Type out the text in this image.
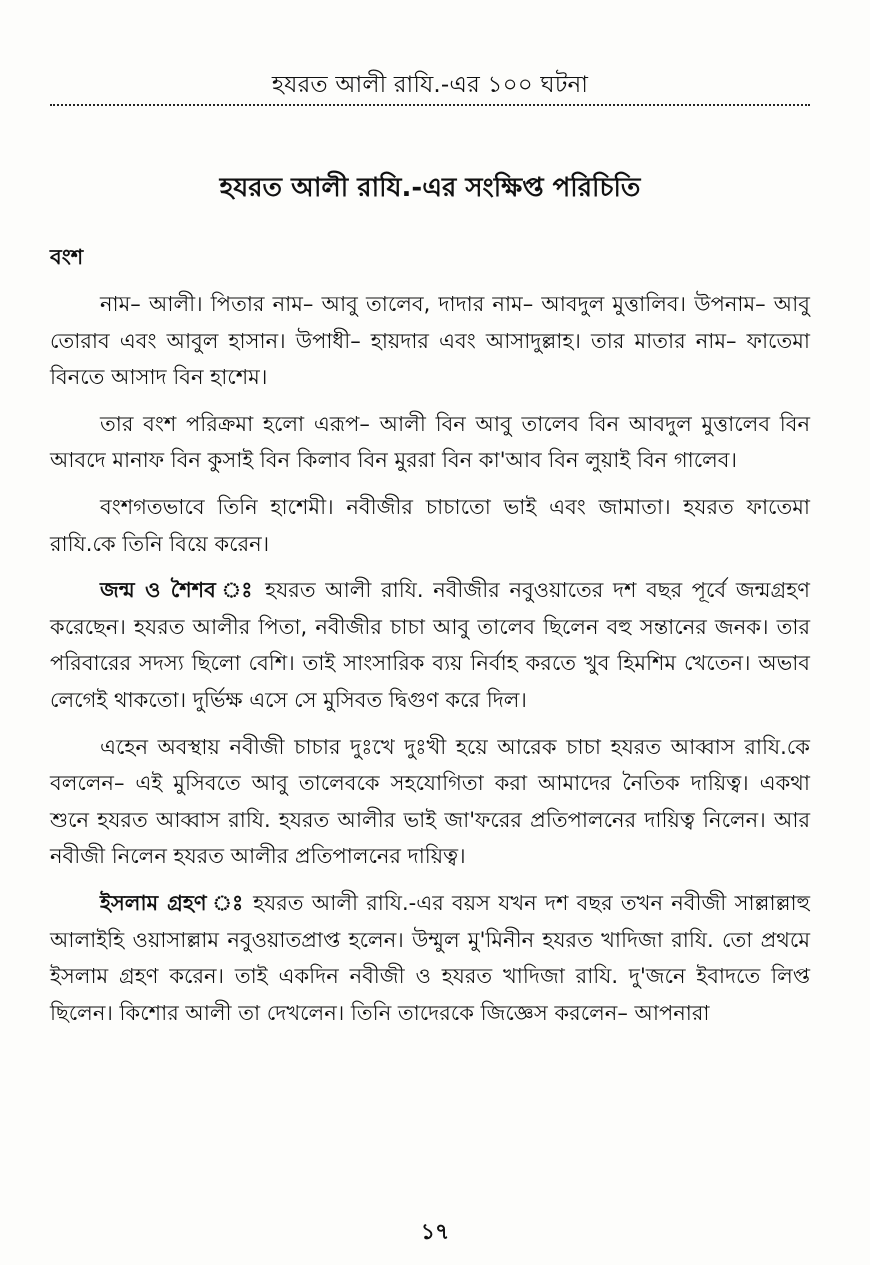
হযরত আলী রাযি.-এর ১০০ ঘটনা
হযরত আলী রাযি.-এর সংক্ষিপ্ত পরিচিতি
বংশ

নাম– আলী। পিতার নাম– আবু তালেব, দাদার নাম– আবদুল মুত্তালিব। উপনাম– আবু তোরাব এবং আবুল হাসান। উপাধী– হায়দার এবং আসাদুল্লাহ। তার মাতার নাম– ফাতেমা বিনতে আসাদ বিন হাশেম।

তার বংশ পরিক্রমা হলো এরূপ– আলী বিন আবু তালেব বিন আবদুল মুত্তালেব বিন আবদে মানাফ বিন কুসাই বিন কিলাব বিন মুররা বিন কা'আব বিন লুয়াই বিন গালেব।

বংশগতভাবে তিনি হাশেমী। নবীজীর চাচাতো ভাই এবং জামাতা। হযরত ফাতেমা রাযি.কে তিনি বিয়ে করেন।

জন্ম ও শৈশব ঃ হযরত আলী রাযি. নবীজীর নবুওয়াতের দশ বছর পূর্বে জন্মগ্রহণ করেছেন। হযরত আলীর পিতা, নবীজীর চাচা আবু তালেব ছিলেন বহু সন্তানের জনক। তার পরিবারের সদস্য ছিলো বেশি। তাই সাংসারিক ব্যয় নির্বাহ করতে খুব হিমশিম খেতেন। অভাব লেগেই থাকতো। দুর্ভিক্ষ এসে সে মুসিবত দ্বিগুণ করে দিল।

এহেন অবস্থায় নবীজী চাচার দুঃখে দুঃখী হয়ে আরেক চাচা হযরত আব্বাস রাযি.কে বললেন– এই মুসিবতে আবু তালেবকে সহযোগিতা করা আমাদের নৈতিক দায়িত্ব। একথা শুনে হযরত আব্বাস রাযি. হযরত আলীর ভাই জা'ফরের প্রতিপালনের দায়িত্ব নিলেন। আর নবীজী নিলেন হযরত আলীর প্রতিপালনের দায়িত্ব।

ইসলাম গ্রহণ ঃ হযরত আলী রাযি.-এর বয়স যখন দশ বছর তখন নবীজী সাল্লাল্লাহু আলাইহি ওয়াসাল্লাম নবুওয়াতপ্রাপ্ত হলেন। উম্মুল মু'মিনীন হযরত খাদিজা রাযি. তো প্রথমে ইসলাম গ্রহণ করেন। তাই একদিন নবীজী ও হযরত খাদিজা রাযি. দু'জনে ইবাদতে লিপ্ত ছিলেন। কিশোর আলী তা দেখলেন। তিনি তাদেরকে জিজ্ঞেস করলেন– আপনারা

১৭
